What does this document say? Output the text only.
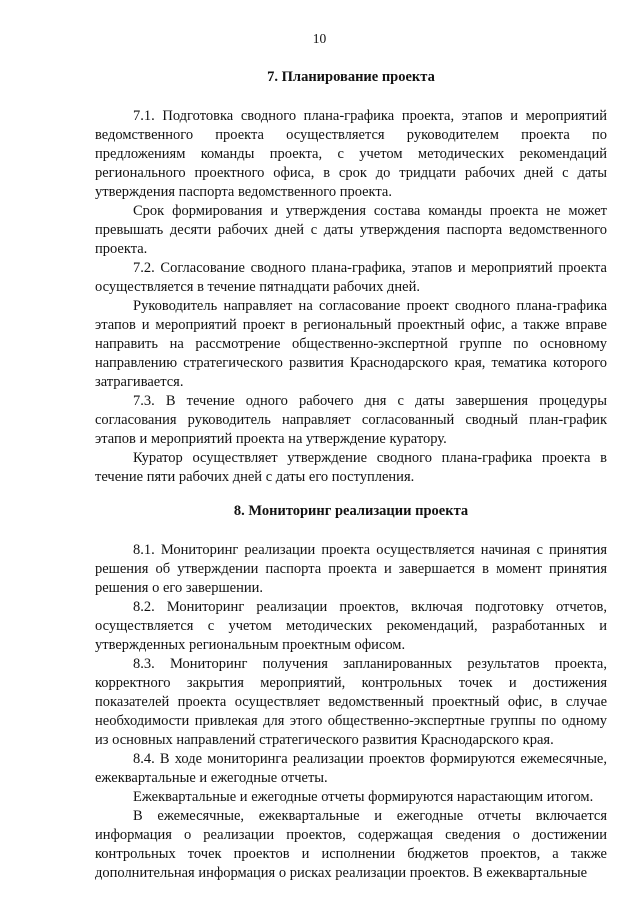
10
7. Планирование проекта

7.1. Подготовка сводного плана-графика проекта, этапов и мероприятий ведомственного проекта осуществляется руководителем проекта по предложениям команды проекта, с учетом методических рекомендаций регионального проектного офиса, в срок до тридцати рабочих дней с даты утверждения паспорта ведомственного проекта.

Срок формирования и утверждения состава команды проекта не может превышать десяти рабочих дней с даты утверждения паспорта ведомственного проекта.

7.2. Согласование сводного плана-графика, этапов и мероприятий проекта осуществляется в течение пятнадцати рабочих дней.

Руководитель направляет на согласование проект сводного плана-графика этапов и мероприятий проект в региональный проектный офис, а также вправе направить на рассмотрение общественно-экспертной группе по основному направлению стратегического развития Краснодарского края, тематика которого затрагивается.

7.3. В течение одного рабочего дня с даты завершения процедуры согласования руководитель направляет согласованный сводный план-график этапов и мероприятий проекта на утверждение куратору.

Куратор осуществляет утверждение сводного плана-графика проекта в течение пяти рабочих дней с даты его поступления.

8. Мониторинг реализации проекта

8.1. Мониторинг реализации проекта осуществляется начиная с принятия решения об утверждении паспорта проекта и завершается в момент принятия решения о его завершении.

8.2. Мониторинг реализации проектов, включая подготовку отчетов, осуществляется с учетом методических рекомендаций, разработанных и утвержденных региональным проектным офисом.

8.3. Мониторинг получения запланированных результатов проекта, корректного закрытия мероприятий, контрольных точек и достижения показателей проекта осуществляет ведомственный проектный офис, в случае необходимости привлекая для этого общественно-экспертные группы по одному из основных направлений стратегического развития Краснодарского края.

8.4. В ходе мониторинга реализации проектов формируются ежемесячные, ежеквартальные и ежегодные отчеты.

Ежеквартальные и ежегодные отчеты формируются нарастающим итогом.

В ежемесячные, ежеквартальные и ежегодные отчеты включается информация о реализации проектов, содержащая сведения о достижении контрольных точек проектов и исполнении бюджетов проектов, а также дополнительная информация о рисках реализации проектов. В ежеквартальные
